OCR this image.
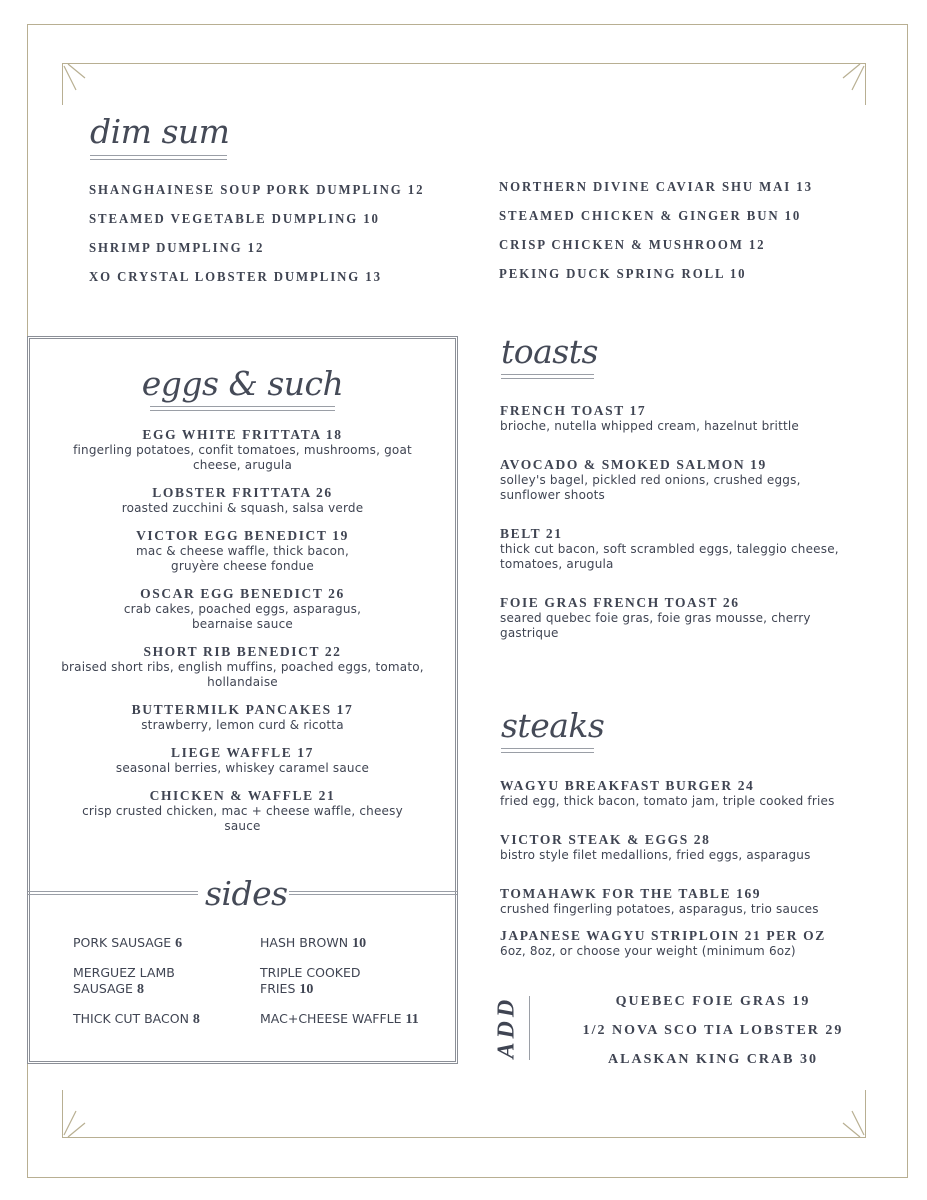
dim sum
SHANGHAINESE SOUP PORK DUMPLING 12
STEAMED VEGETABLE DUMPLING 10
SHRIMP DUMPLING 12
XO CRYSTAL LOBSTER DUMPLING 13
NORTHERN DIVINE CAVIAR SHU MAI 13
STEAMED CHICKEN & GINGER BUN 10
CRISP CHICKEN & MUSHROOM 12
PEKING DUCK SPRING ROLL 10
eggs & such
EGG WHITE FRITTATA 18
fingerling potatoes, confit tomatoes, mushrooms, goat cheese, arugula
LOBSTER FRITTATA 26
roasted zucchini & squash, salsa verde
VICTOR EGG BENEDICT 19
mac & cheese waffle, thick bacon, gruyère cheese fondue
OSCAR EGG BENEDICT 26
crab cakes, poached eggs, asparagus, bearnaise sauce
SHORT RIB BENEDICT 22
braised short ribs, english muffins, poached eggs, tomato, hollandaise
BUTTERMILK PANCAKES 17
strawberry, lemon curd & ricotta
LIEGE WAFFLE 17
seasonal berries, whiskey caramel sauce
CHICKEN & WAFFLE 21
crisp crusted chicken, mac + cheese waffle, cheesy sauce
sides
PORK SAUSAGE 6	HASH BROWN 10
MERGUEZ LAMB SAUSAGE 8
TRIPLE COOKED FRIES 10
THICK CUT BACON 8	MAC+CHEESE WAFFLE 11
toasts
FRENCH TOAST 17
brioche, nutella whipped cream, hazelnut brittle
AVOCADO & SMOKED SALMON 19
solley's bagel, pickled red onions, crushed eggs, sunflower shoots
BELT 21
thick cut bacon, soft scrambled eggs, taleggio cheese, tomatoes, arugula
FOIE GRAS FRENCH TOAST 26
seared quebec foie gras, foie gras mousse, cherry gastrique
steaks
WAGYU BREAKFAST BURGER 24
fried egg, thick bacon, tomato jam, triple cooked fries
VICTOR STEAK & EGGS 28
bistro style filet medallions, fried eggs, asparagus
TOMAHAWK FOR THE TABLE 169
crushed fingerling potatoes, asparagus, trio sauces
JAPANESE WAGYU STRIPLOIN 21 PER OZ
6oz, 8oz, or choose your weight (minimum 6oz)
ADD	QUEBEC FOIE GRAS 19
1/2 NOVA SCO TIA LOBSTER 29
ALASKAN KING CRAB 30
